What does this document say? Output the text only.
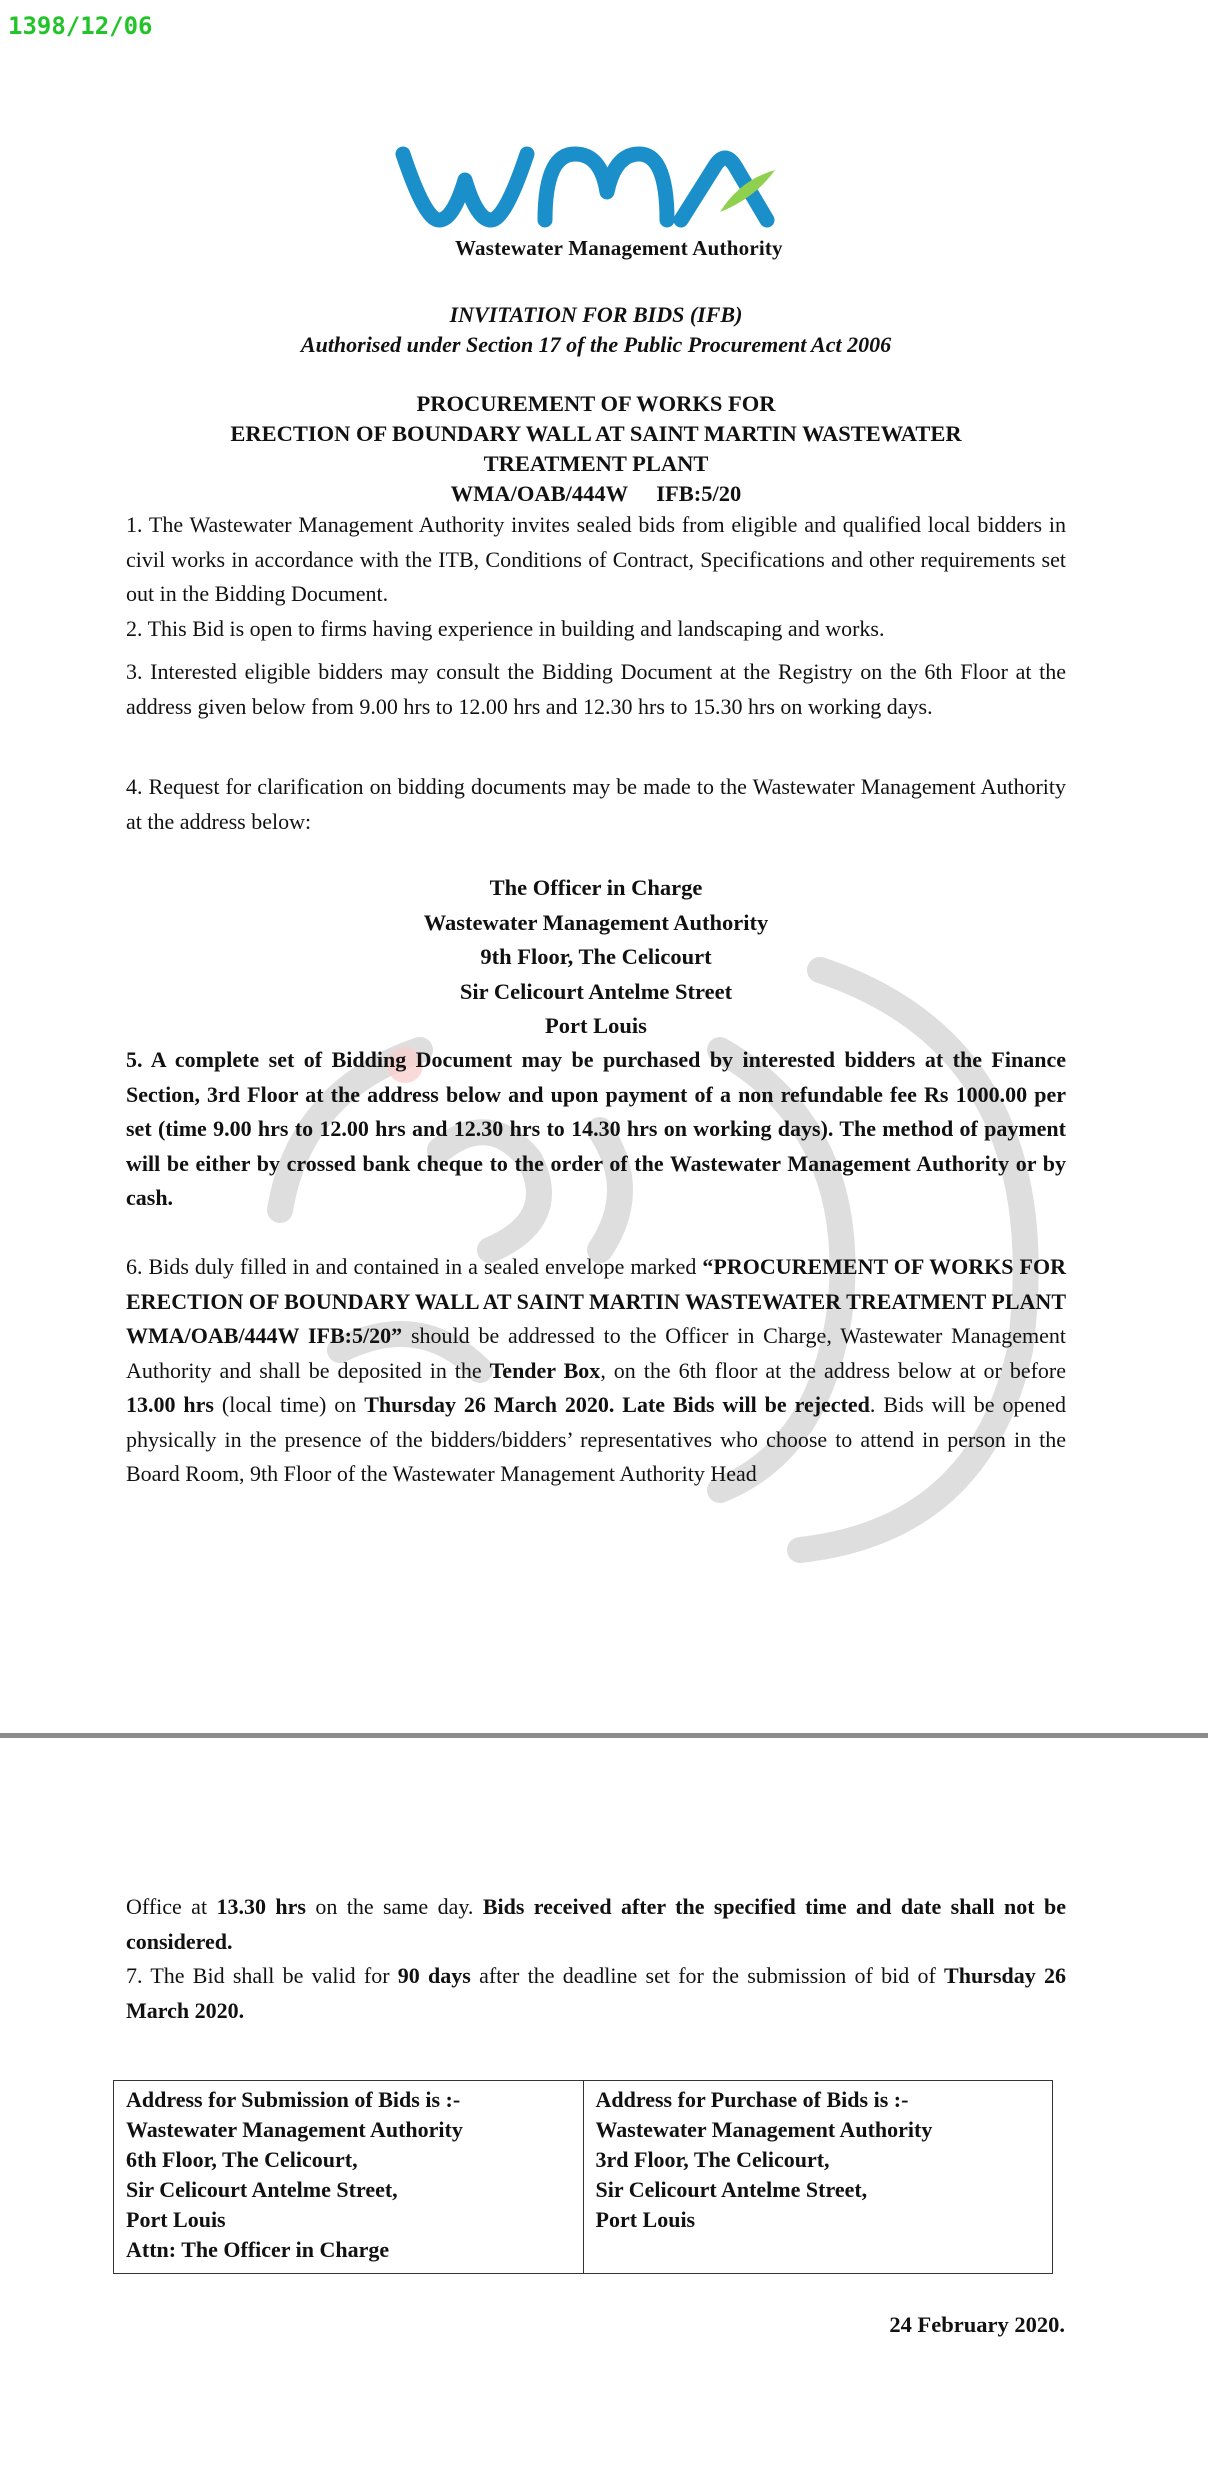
1398/12/06
Wastewater Management Authority
INVITATION FOR BIDS (IFB)
Authorised under Section 17 of the Public Procurement Act 2006
PROCUREMENT OF WORKS FOR
ERECTION OF BOUNDARY WALL AT SAINT MARTIN WASTEWATER
TREATMENT PLANT
WMA/OAB/444W IFB:5/20

1. The Wastewater Management Authority invites sealed bids from eligible and qualified local bidders in civil works in accordance with the ITB, Conditions of Contract, Specifications and other requirements set out in the Bidding Document.

2. This Bid is open to firms having experience in building and landscaping and works.

3. Interested eligible bidders may consult the Bidding Document at the Registry on the 6th Floor at the address given below from 9.00 hrs to 12.00 hrs and 12.30 hrs to 15.30 hrs on working days.

4. Request for clarification on bidding documents may be made to the Wastewater Management Authority at the address below:

The Officer in Charge
Wastewater Management Authority
9th Floor, The Celicourt
Sir Celicourt Antelme Street
Port Louis

5. A complete set of Bidding Document may be purchased by interested bidders at the Finance Section, 3rd Floor at the address below and upon payment of a non refundable fee Rs 1000.00 per set (time 9.00 hrs to 12.00 hrs and 12.30 hrs to 14.30 hrs on working days). The method of payment will be either by crossed bank cheque to the order of the Wastewater Management Authority or by cash.

6. Bids duly filled in and contained in a sealed envelope marked “PROCUREMENT OF WORKS FOR ERECTION OF BOUNDARY WALL AT SAINT MARTIN WASTEWATER TREATMENT PLANT WMA/OAB/444W IFB:5/20” should be addressed to the Officer in Charge, Wastewater Management Authority and shall be deposited in the Tender Box, on the 6th floor at the address below at or before 13.00 hrs (local time) on Thursday 26 March 2020. Late Bids will be rejected. Bids will be opened physically in the presence of the bidders/bidders’ representatives who choose to attend in person in the Board Room, 9th Floor of the Wastewater Management Authority Head

Office at 13.30 hrs on the same day. Bids received after the specified time and date shall not be considered.

7. The Bid shall be valid for 90 days after the deadline set for the submission of bid of Thursday 26 March 2020.

Address for Submission of Bids is :-
Wastewater Management Authority
6th Floor, The Celicourt,
Sir Celicourt Antelme Street,
Port Louis
Attn: The Officer in Charge

Address for Purchase of Bids is :-
Wastewater Management Authority
3rd Floor, The Celicourt,
Sir Celicourt Antelme Street,
Port Louis
24 February 2020.
